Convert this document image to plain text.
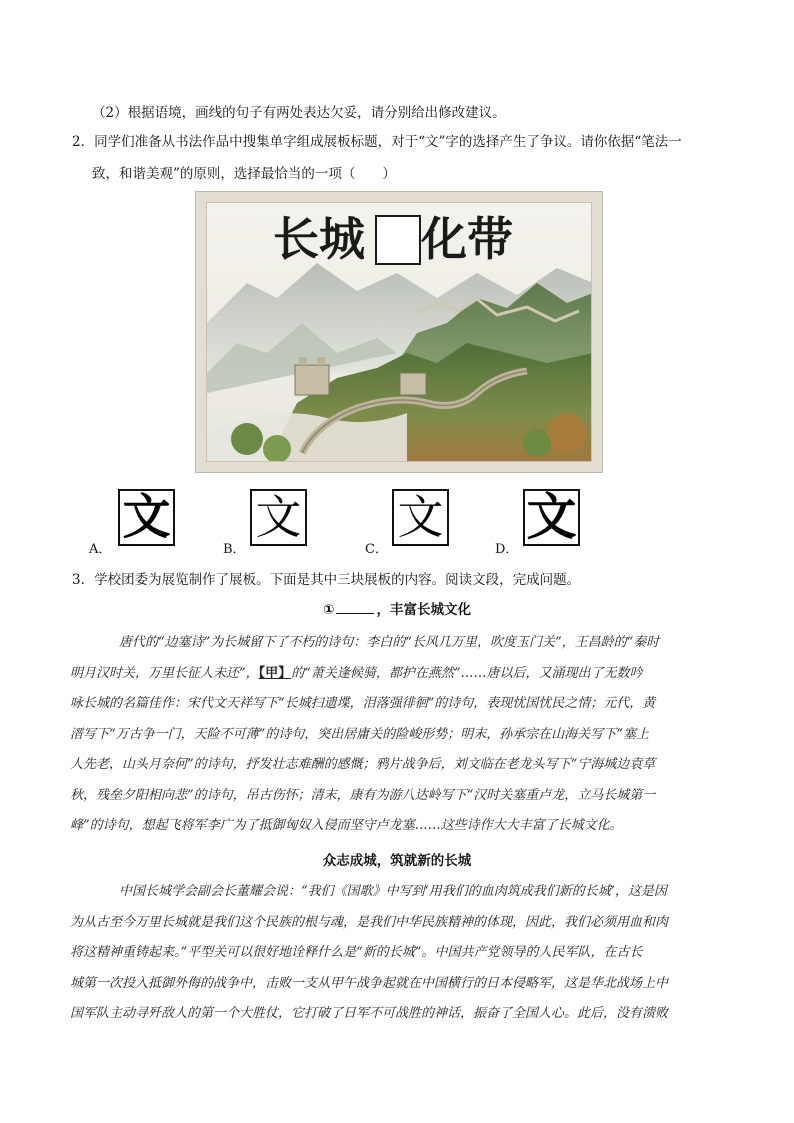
（2）根据语境，画线的句子有两处表达欠妥，请分别给出修改建议。
2．同学们准备从书法作品中搜集单字组成展板标题，对于“文”字的选择产生了争议。请你依据“笔法一
致，和谐美观”的原则，选择最恰当的一项（　　）
长城 化带
A．
文
B．
文
C．
文
D．
文
3．学校团委为展览制作了展板。下面是其中三块展板的内容。阅读文段，完成问题。
①	，丰富长城文化
唐代的“边塞诗”为长城留下了不朽的诗句：李白的“长风几万里，吹度玉门关”，王昌龄的“秦时
明月汉时关，万里长征人未还”，【甲】的“萧关逢候骑，都护在燕然”……唐以后，又涌现出了无数吟
咏长城的名篇佳作：宋代文天祥写下“长城扫遗堞，泪落强徘徊”的诗句，表现忧国忧民之情；元代，黄
溍写下“万古争一门，天险不可薄”的诗句，突出居庸关的险峻形势；明末，孙承宗在山海关写下“塞上
人先老，山头月奈何”的诗句，抒发壮志难酬的感慨；鸦片战争后，刘文临在老龙头写下“宁海城边袁草
秋，残垒夕阳相向悲”的诗句，吊古伤怀；清末，康有为游八达岭写下“汉时关塞重卢龙，立马长城第一
峰”的诗句，想起飞将军李广为了抵御匈奴入侵而坚守卢龙塞……这些诗作大大丰富了长城文化。
众志成城，筑就新的长城
中国长城学会副会长董耀会说：“我们《国歌》中写到‘用我们的血肉筑成我们新的长城’，这是因
为从古至今万里长城就是我们这个民族的根与魂，是我们中华民族精神的体现，因此，我们必须用血和肉
将这精神重铸起来。”平型关可以很好地诠释什么是“新的长城”。中国共产党领导的人民军队，在古长
城第一次投入抵御外侮的战争中，击败一支从甲午战争起就在中国横行的日本侵略军，这是华北战场上中
国军队主动寻歼敌人的第一个大胜仗，它打破了日军不可战胜的神话，振奋了全国人心。此后，没有溃败
